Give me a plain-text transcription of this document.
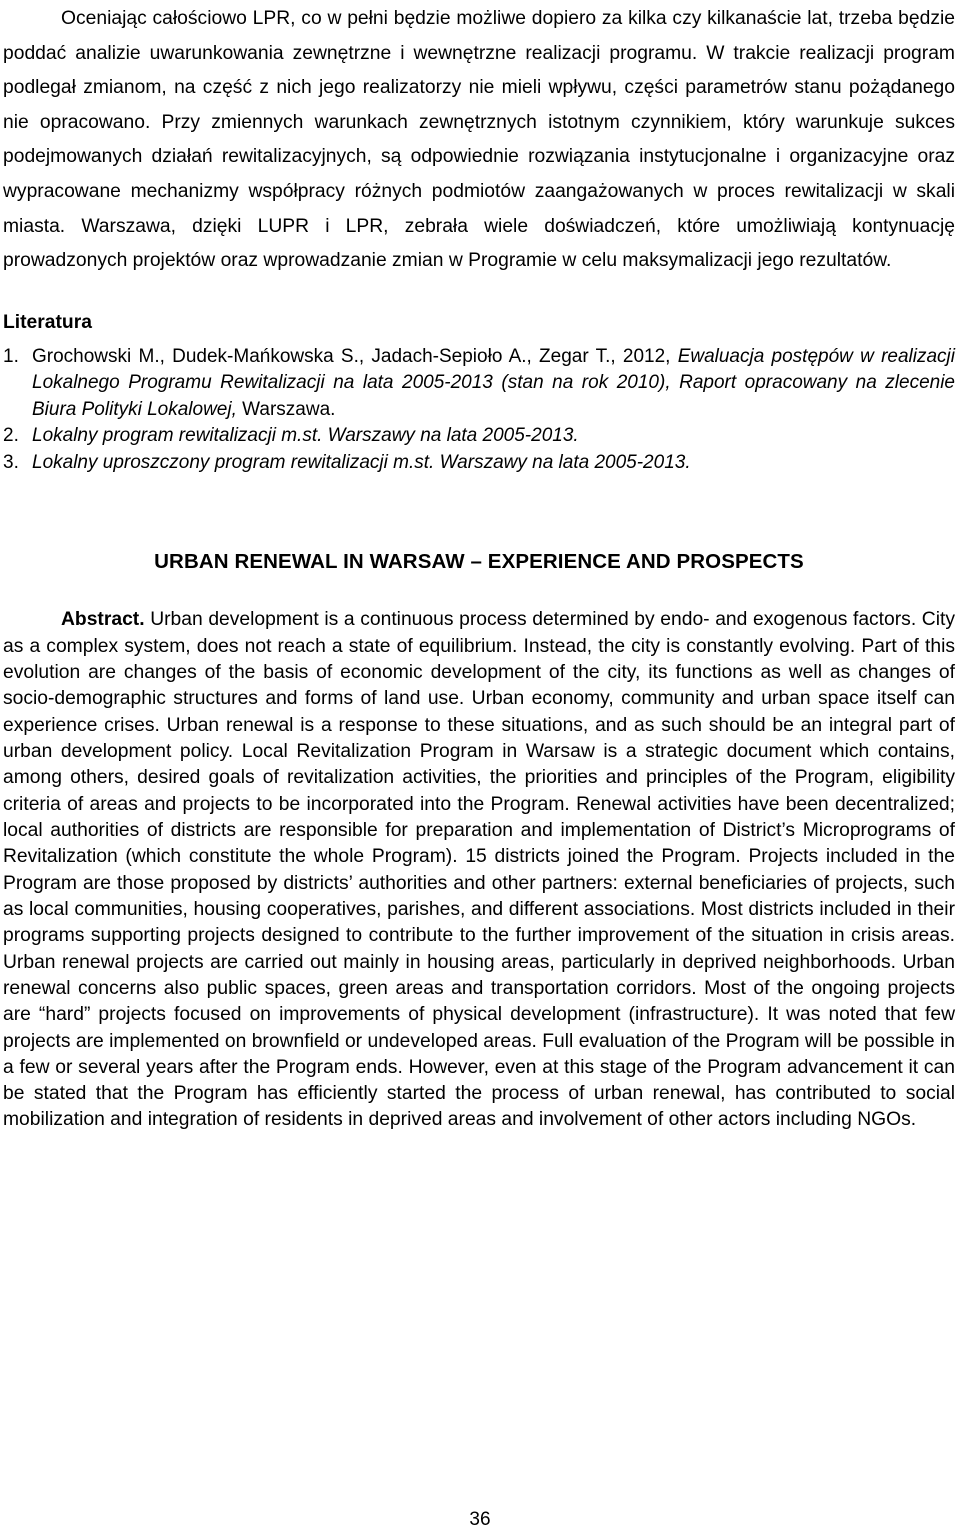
Oceniając całościowo LPR, co w pełni będzie możliwe dopiero za kilka czy kilkanaście lat, trzeba będzie poddać analizie uwarunkowania zewnętrzne i wewnętrzne realizacji programu. W trakcie realizacji program podlegał zmianom, na część z nich jego realizatorzy nie mieli wpływu, części parametrów stanu pożądanego nie opracowano. Przy zmiennych warunkach zewnętrznych istotnym czynnikiem, który warunkuje sukces podejmowanych działań rewitalizacyjnych, są odpowiednie rozwiązania instytucjonalne i organizacyjne oraz wypracowane mechanizmy współpracy różnych podmiotów zaangażowanych w proces rewitalizacji w skali miasta. Warszawa, dzięki LUPR i LPR, zebrała wiele doświadczeń, które umożliwiają kontynuację prowadzonych projektów oraz wprowadzanie zmian w Programie w celu maksymalizacji jego rezultatów.

Literatura
1. Grochowski M., Dudek-Mańkowska S., Jadach-Sepioło A., Zegar T., 2012, Ewaluacja postępów w realizacji Lokalnego Programu Rewitalizacji na lata 2005-2013 (stan na rok 2010), Raport opracowany na zlecenie Biura Polityki Lokalowej, Warszawa.
2. Lokalny program rewitalizacji m.st. Warszawy na lata 2005-2013.
3. Lokalny uproszczony program rewitalizacji m.st. Warszawy na lata 2005-2013.
URBAN RENEWAL IN WARSAW – EXPERIENCE AND PROSPECTS

Abstract. Urban development is a continuous process determined by endo- and exogenous factors. City as a complex system, does not reach a state of equilibrium. Instead, the city is constantly evolving. Part of this evolution are changes of the basis of economic development of the city, its functions as well as changes of socio-demographic structures and forms of land use. Urban economy, community and urban space itself can experience crises. Urban renewal is a response to these situations, and as such should be an integral part of urban development policy. Local Revitalization Program in Warsaw is a strategic document which contains, among others, desired goals of revitalization activities, the priorities and principles of the Program, eligibility criteria of areas and projects to be incorporated into the Program. Renewal activities have been decentralized; local authorities of districts are responsible for preparation and implementation of District’s Microprograms of Revitalization (which constitute the whole Program). 15 districts joined the Program. Projects included in the Program are those proposed by districts’ authorities and other partners: external beneficiaries of projects, such as local communities, housing cooperatives, parishes, and different associations. Most districts included in their programs supporting projects designed to contribute to the further improvement of the situation in crisis areas. Urban renewal projects are carried out mainly in housing areas, particularly in deprived neighborhoods. Urban renewal concerns also public spaces, green areas and transportation corridors. Most of the ongoing projects are “hard” projects focused on improvements of physical development (infrastructure). It was noted that few projects are implemented on brownfield or undeveloped areas. Full evaluation of the Program will be possible in a few or several years after the Program ends. However, even at this stage of the Program advancement it can be stated that the Program has efficiently started the process of urban renewal, has contributed to social mobilization and integration of residents in deprived areas and involvement of other actors including NGOs.

36
